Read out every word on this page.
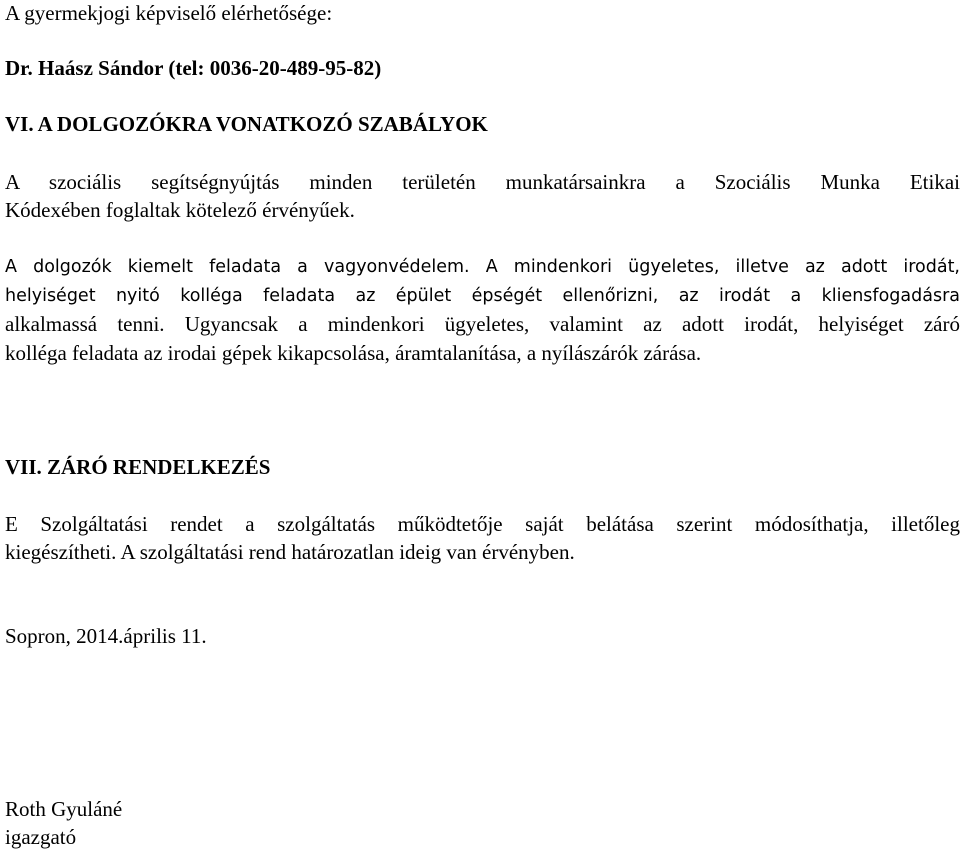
A gyermekjogi képviselő elérhetősége:

Dr. Haász Sándor (tel: 0036-20-489-95-82)

VI. A DOLGOZÓKRA VONATKOZÓ SZABÁLYOK

A szociális segítségnyújtás minden területén munkatársainkra a Szociális Munka Etikai

Kódexében foglaltak kötelező érvényűek.

A dolgozók kiemelt feladata a vagyonvédelem. A mindenkori ügyeletes, illetve az adott irodát,

helyiséget nyitó kolléga feladata az épület épségét ellenőrizni, az irodát a kliensfogadásra

alkalmassá tenni. Ugyancsak a mindenkori ügyeletes, valamint az adott irodát, helyiséget záró

kolléga feladata az irodai gépek kikapcsolása, áramtalanítása, a nyílászárók zárása.

VII. ZÁRÓ RENDELKEZÉS

E Szolgáltatási rendet a szolgáltatás működtetője saját belátása szerint módosíthatja, illetőleg

kiegészítheti. A szolgáltatási rend határozatlan ideig van érvényben.

Sopron, 2014.április 11.

Roth Gyuláné

igazgató
